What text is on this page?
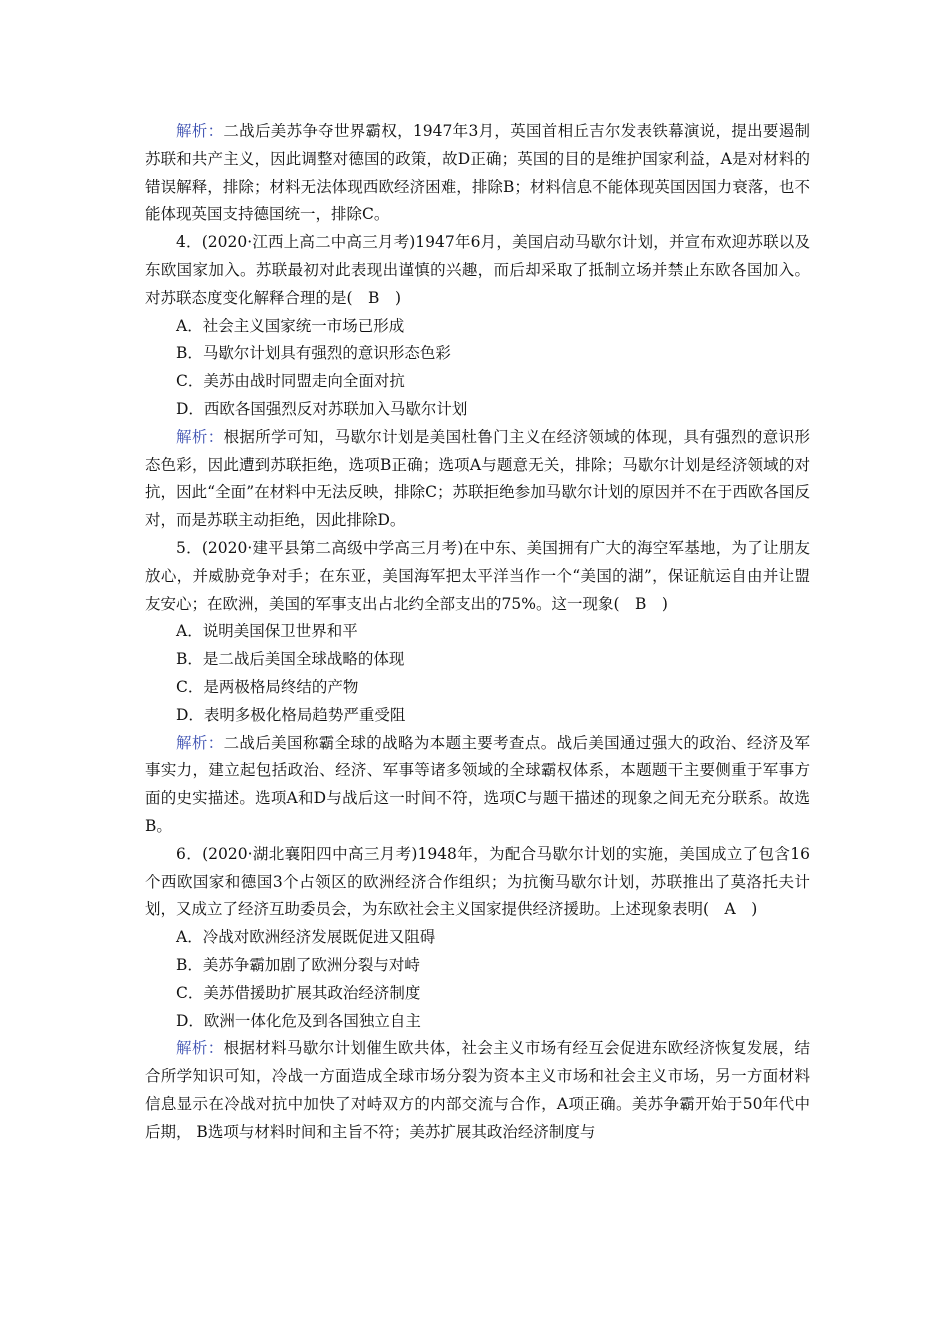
解析：二战后美苏争夺世界霸权，1947年3月，英国首相丘吉尔发表铁幕演说，提出要遏制苏联和共产主义，因此调整对德国的政策，故D正确；英国的目的是维护国家利益，A是对材料的错误解释，排除；材料无法体现西欧经济困难，排除B；材料信息不能体现英国因国力衰落，也不能体现英国支持德国统一，排除C。

4．(2020·江西上高二中高三月考)1947年6月，美国启动马歇尔计划，并宣布欢迎苏联以及东欧国家加入。苏联最初对此表现出谨慎的兴趣，而后却采取了抵制立场并禁止东欧各国加入。对苏联态度变化解释合理的是(　B　)

A．社会主义国家统一市场已形成

B．马歇尔计划具有强烈的意识形态色彩

C．美苏由战时同盟走向全面对抗

D．西欧各国强烈反对苏联加入马歇尔计划

解析：根据所学可知，马歇尔计划是美国杜鲁门主义在经济领域的体现，具有强烈的意识形态色彩，因此遭到苏联拒绝，选项B正确；选项A与题意无关，排除；马歇尔计划是经济领域的对抗，因此“全面”在材料中无法反映，排除C；苏联拒绝参加马歇尔计划的原因并不在于西欧各国反对，而是苏联主动拒绝，因此排除D。

5．(2020·建平县第二高级中学高三月考)在中东、美国拥有广大的海空军基地，为了让朋友放心，并威胁竞争对手；在东亚，美国海军把太平洋当作一个“美国的湖”，保证航运自由并让盟友安心；在欧洲，美国的军事支出占北约全部支出的75%。这一现象(　B　)

A．说明美国保卫世界和平

B．是二战后美国全球战略的体现

C．是两极格局终结的产物

D．表明多极化格局趋势严重受阻

解析：二战后美国称霸全球的战略为本题主要考查点。战后美国通过强大的政治、经济及军事实力，建立起包括政治、经济、军事等诸多领域的全球霸权体系，本题题干主要侧重于军事方面的史实描述。选项A和D与战后这一时间不符，选项C与题干描述的现象之间无充分联系。故选B。

6．(2020·湖北襄阳四中高三月考)1948年，为配合马歇尔计划的实施，美国成立了包含16个西欧国家和德国3个占领区的欧洲经济合作组织；为抗衡马歇尔计划，苏联推出了莫洛托夫计划，又成立了经济互助委员会，为东欧社会主义国家提供经济援助。上述现象表明(　A　)

A．冷战对欧洲经济发展既促进又阻碍

B．美苏争霸加剧了欧洲分裂与对峙

C．美苏借援助扩展其政治经济制度

D．欧洲一体化危及到各国独立自主

解析：根据材料马歇尔计划催生欧共体，社会主义市场有经互会促进东欧经济恢复发展，结合所学知识可知，冷战一方面造成全球市场分裂为资本主义市场和社会主义市场，另一方面材料信息显示在冷战对抗中加快了对峙双方的内部交流与合作，A项正确。美苏争霸开始于50年代中后期， B选项与材料时间和主旨不符；美苏扩展其政治经济制度与
